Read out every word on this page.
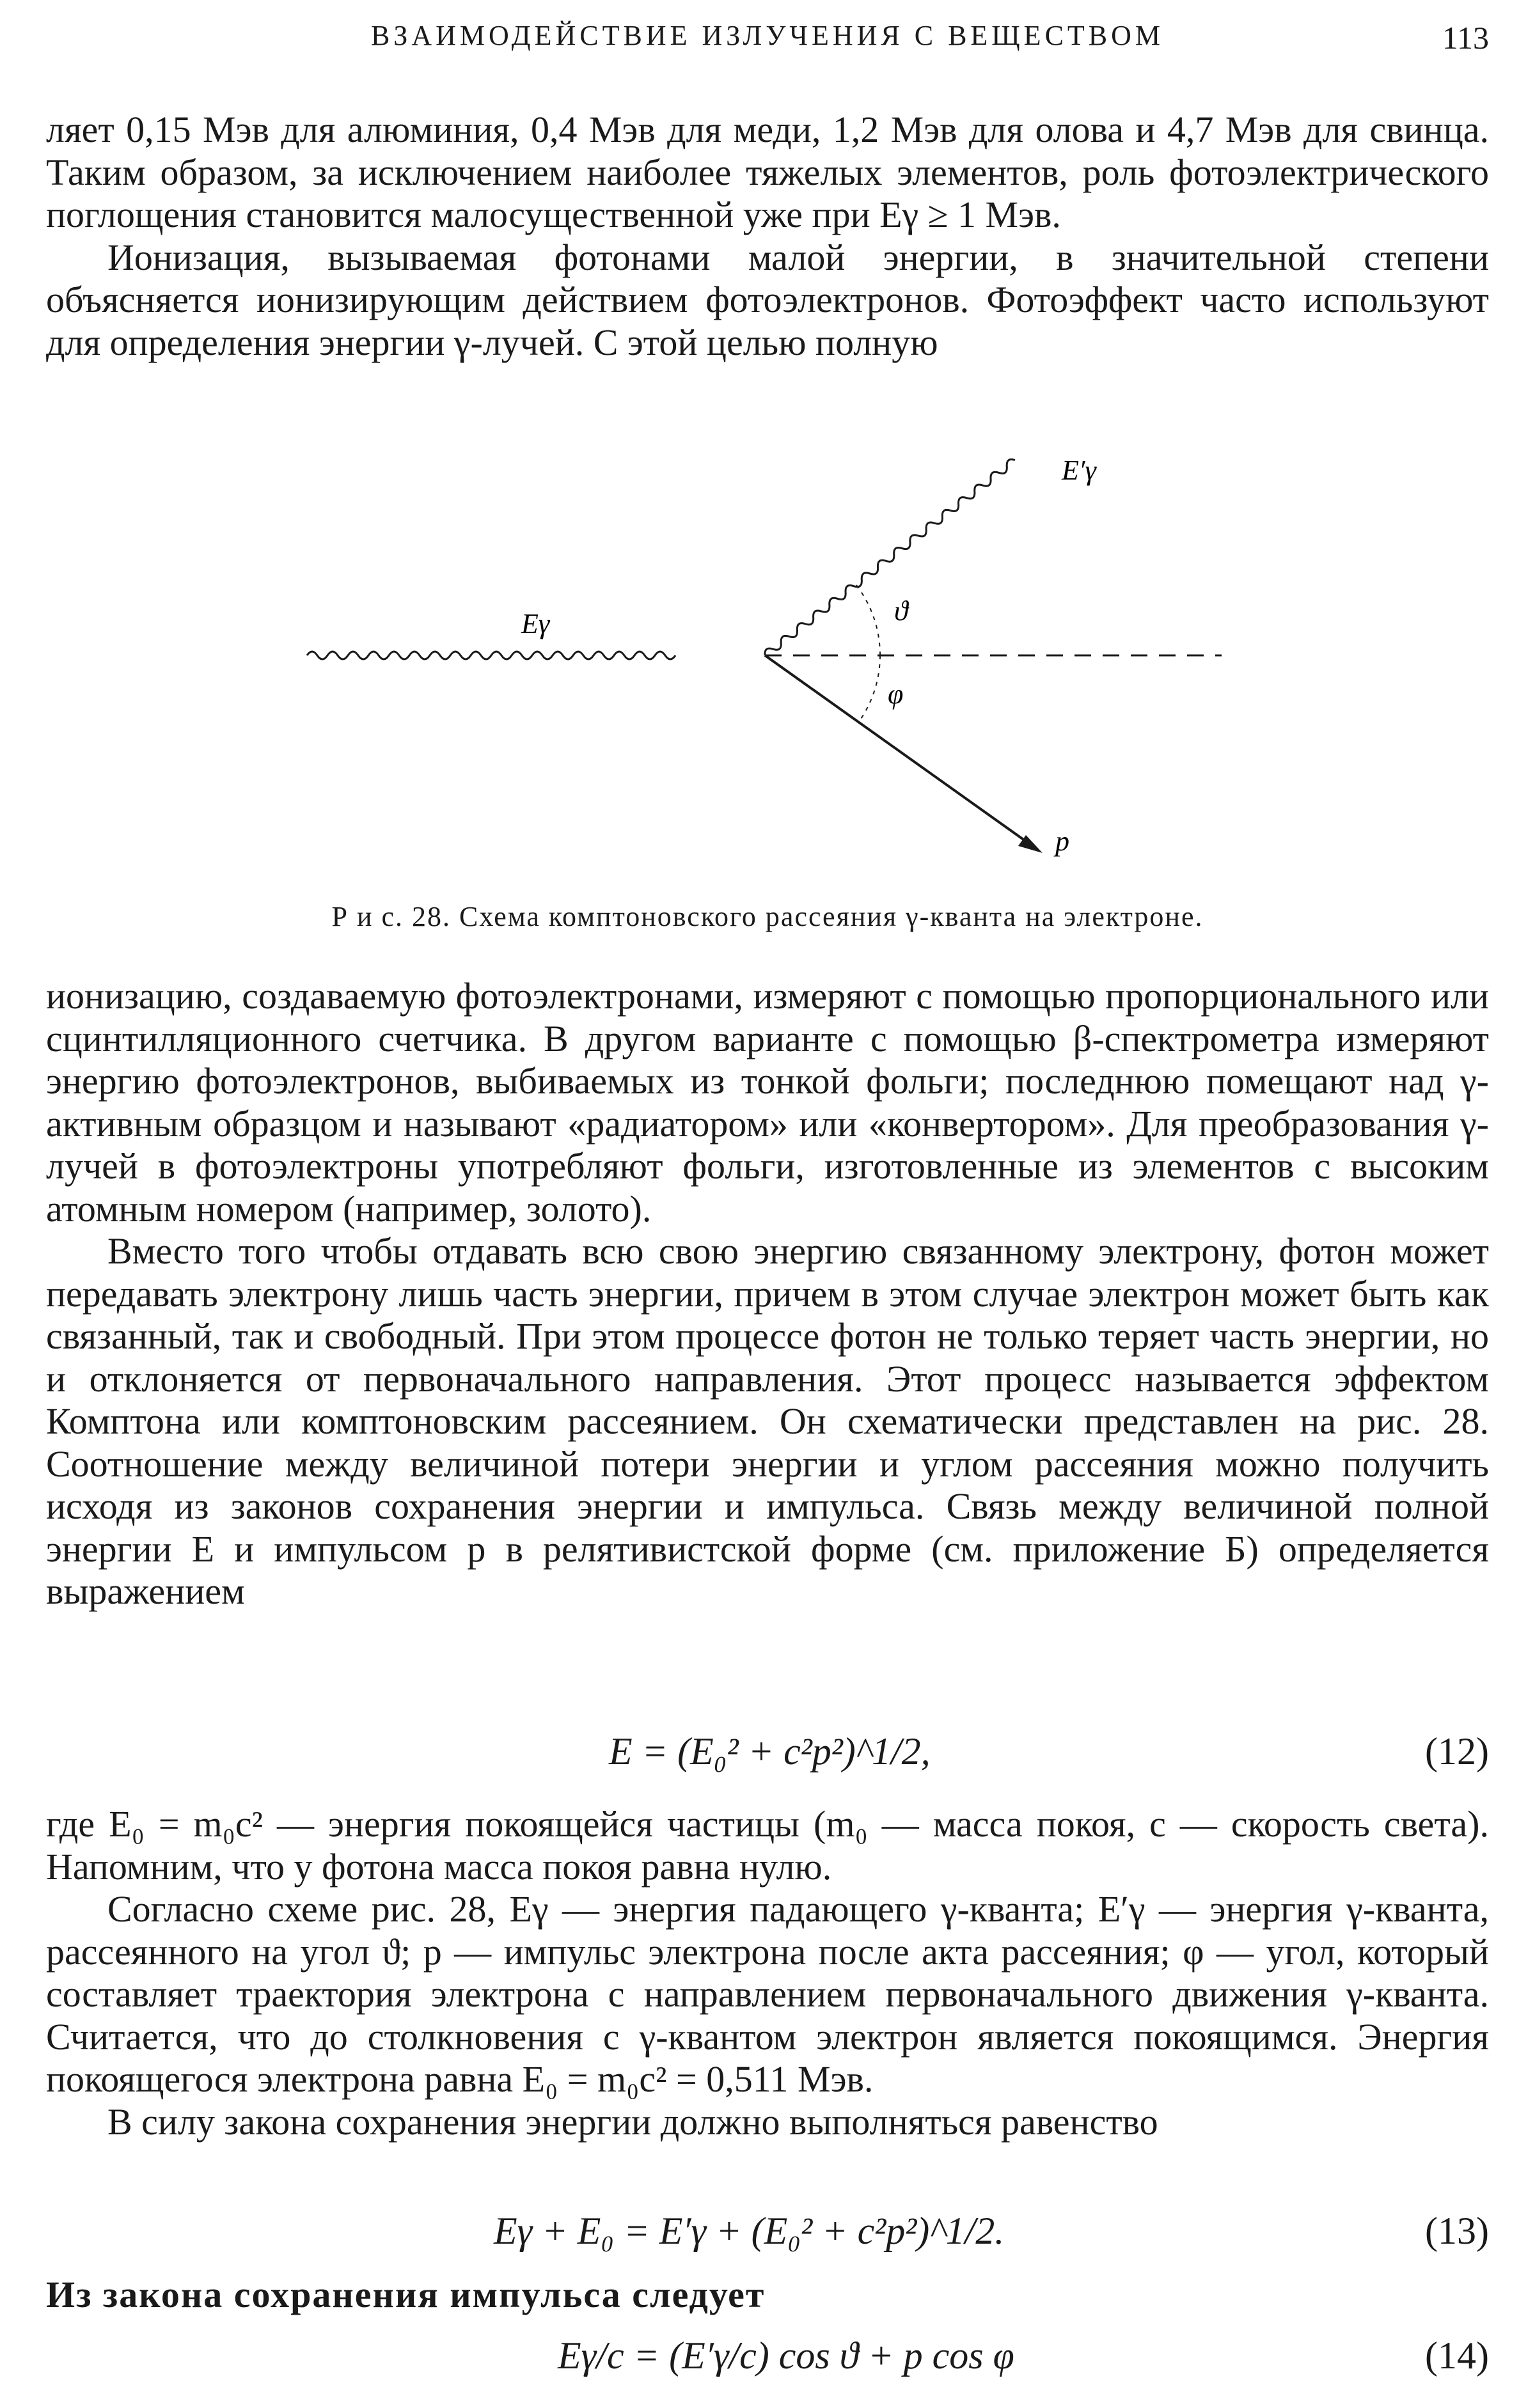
ВЗАИМОДЕЙСТВИЕ ИЗЛУЧЕНИЯ С ВЕЩЕСТВОМ	113

ляет 0,15 Мэв для алюминия, 0,4 Мэв для меди, 1,2 Мэв для олова и 4,7 Мэв для свинца. Таким образом, за исключением наиболее тяжелых элементов, роль фотоэлектрического поглощения становится малосущественной уже при Eγ ≥ 1 Мэв.

Ионизация, вызываемая фотонами малой энергии, в значительной степени объясняется ионизирующим действием фотоэлектронов. Фотоэффект часто используют для определения энергии γ-лучей. С этой целью полную

Eγ
E′γ
ϑ
φ
p
Р и с. 28. Схема комптоновского рассеяния γ-кванта на электроне.

ионизацию, создаваемую фотоэлектронами, измеряют с помощью пропорционального или сцинтилляционного счетчика. В другом варианте с помощью β-спектрометра измеряют энергию фотоэлектронов, выбиваемых из тонкой фольги; последнюю помещают над γ-активным образцом и называют «радиатором» или «конвертором». Для преобразования γ-лучей в фотоэлектроны употребляют фольги, изготовленные из элементов с высоким атомным номером (например, золото).

Вместо того чтобы отдавать всю свою энергию связанному электрону, фотон может передавать электрону лишь часть энергии, причем в этом случае электрон может быть как связанный, так и свободный. При этом процессе фотон не только теряет часть энергии, но и отклоняется от первоначального направления. Этот процесс называется эффектом Комптона или комптоновским рассеянием. Он схематически представлен на рис. 28. Соотношение между величиной потери энергии и углом рассеяния можно получить исходя из законов сохранения энергии и импульса. Связь между величиной полной энергии E и импульсом p в релятивистской форме (см. приложение Б) определяется выражением

E = (E₀² + c²p²)^1/2,	(12)

где E₀ = m₀c² — энергия покоящейся частицы (m₀ — масса покоя, c — скорость света). Напомним, что у фотона масса покоя равна нулю.

Согласно схеме рис. 28, Eγ — энергия падающего γ-кванта; E′γ — энергия γ-кванта, рассеянного на угол ϑ; p — импульс электрона после акта рассеяния; φ — угол, который составляет траектория электрона с направлением первоначального движения γ-кванта. Считается, что до столкновения с γ-квантом электрон является покоящимся. Энергия покоящегося электрона равна E₀ = m₀c² = 0,511 Мэв.

В силу закона сохранения энергии должно выполняться равенство

Eγ + E₀ = E′γ + (E₀² + c²p²)^1/2.	(13)
Из закона сохранения импульса следует
Eγ/c = (E′γ/c) cos ϑ + p cos φ	(14)
